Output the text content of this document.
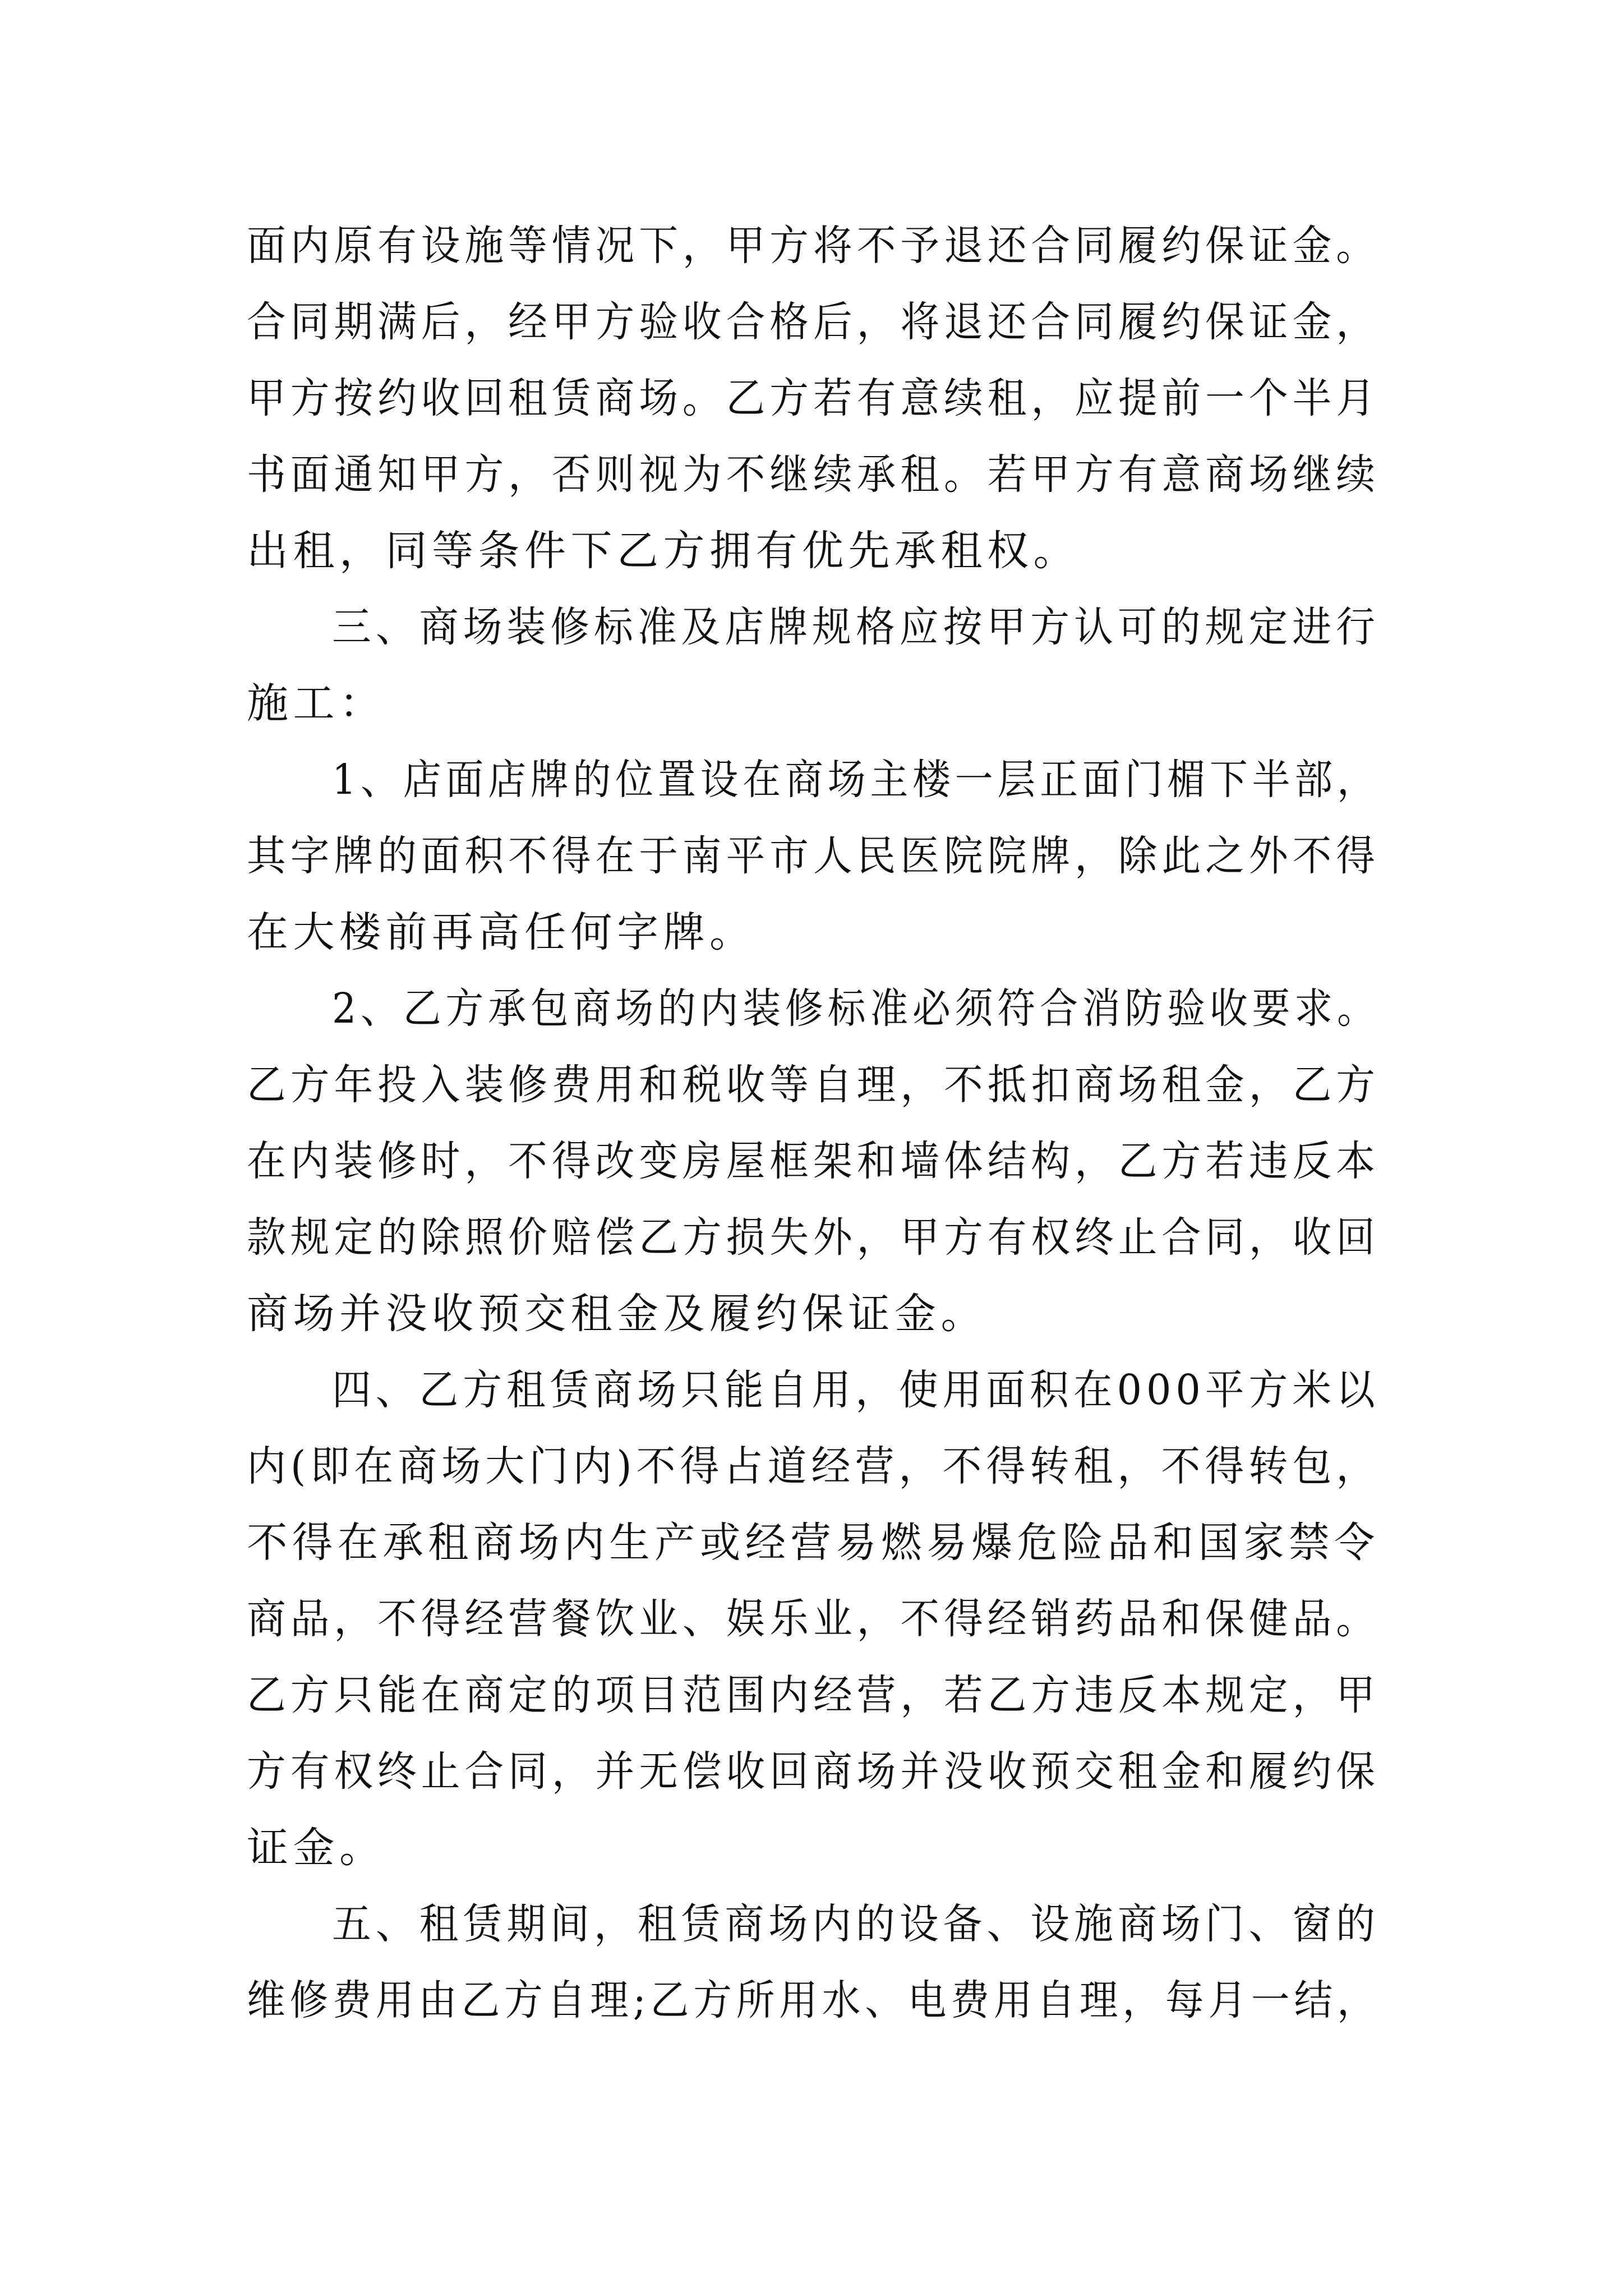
面内原有设施等情况下，甲方将不予退还合同履约保证金。
合同期满后，经甲方验收合格后，将退还合同履约保证金，
甲方按约收回租赁商场。乙方若有意续租，应提前一个半月
书面通知甲方，否则视为不继续承租。若甲方有意商场继续
出租，同等条件下乙方拥有优先承租权。
三、商场装修标准及店牌规格应按甲方认可的规定进行
施工：
1、店面店牌的位置设在商场主楼一层正面门楣下半部，
其字牌的面积不得在于南平市人民医院院牌，除此之外不得
在大楼前再高任何字牌。
2、乙方承包商场的内装修标准必须符合消防验收要求。
乙方年投入装修费用和税收等自理，不抵扣商场租金，乙方
在内装修时，不得改变房屋框架和墙体结构，乙方若违反本
款规定的除照价赔偿乙方损失外，甲方有权终止合同，收回
商场并没收预交租金及履约保证金。
四、乙方租赁商场只能自用，使用面积在000平方米以
内(即在商场大门内)不得占道经营，不得转租，不得转包，
不得在承租商场内生产或经营易燃易爆危险品和国家禁令
商品，不得经营餐饮业、娱乐业，不得经销药品和保健品。
乙方只能在商定的项目范围内经营，若乙方违反本规定，甲
方有权终止合同，并无偿收回商场并没收预交租金和履约保
证金。
五、租赁期间，租赁商场内的设备、设施商场门、窗的
维修费用由乙方自理;乙方所用水、电费用自理，每月一结，
